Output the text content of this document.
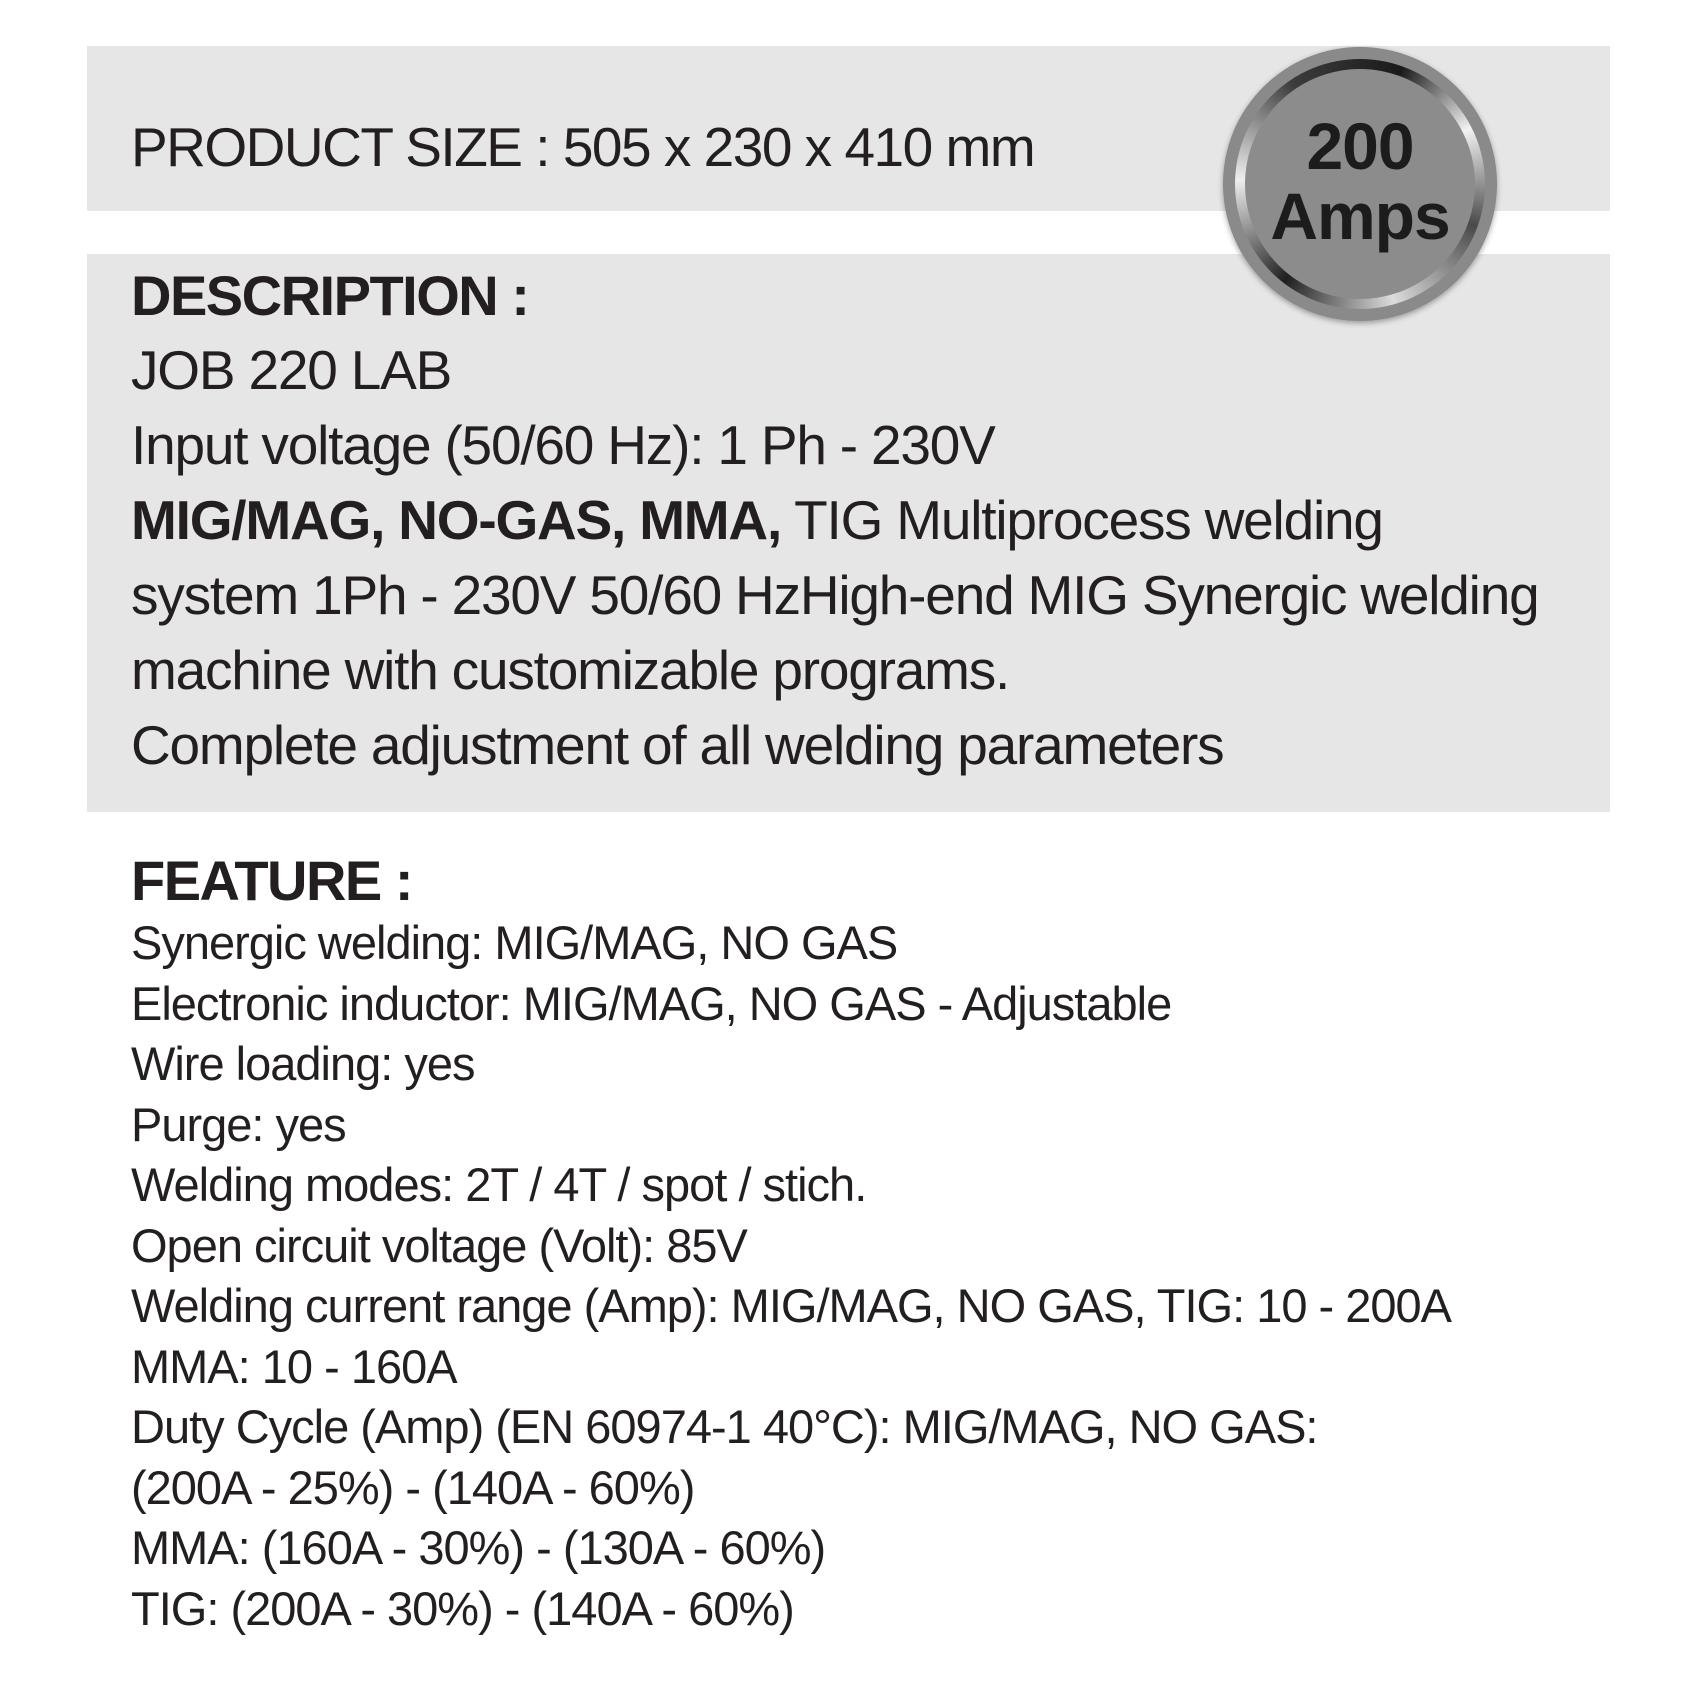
PRODUCT SIZE : 505 x 230 x 410 mm	200
Amps
DESCRIPTION :
JOB 220 LAB
Input voltage (50/60 Hz): 1 Ph - 230V
MIG/MAG, NO-GAS, MMA, TIG Multiprocess welding
system 1Ph - 230V 50/60 HzHigh-end MIG Synergic welding
machine with customizable programs.
Complete adjustment of all welding parameters
FEATURE :
Synergic welding: MIG/MAG, NO GAS
Electronic inductor: MIG/MAG, NO GAS - Adjustable
Wire loading: yes
Purge: yes
Welding modes: 2T / 4T / spot / stich.
Open circuit voltage (Volt): 85V
Welding current range (Amp): MIG/MAG, NO GAS, TIG: 10 - 200A
MMA: 10 - 160A
Duty Cycle (Amp) (EN 60974-1 40°C): MIG/MAG, NO GAS:
(200A - 25%) - (140A - 60%)
MMA: (160A - 30%) - (130A - 60%)
TIG: (200A - 30%) - (140A - 60%)
